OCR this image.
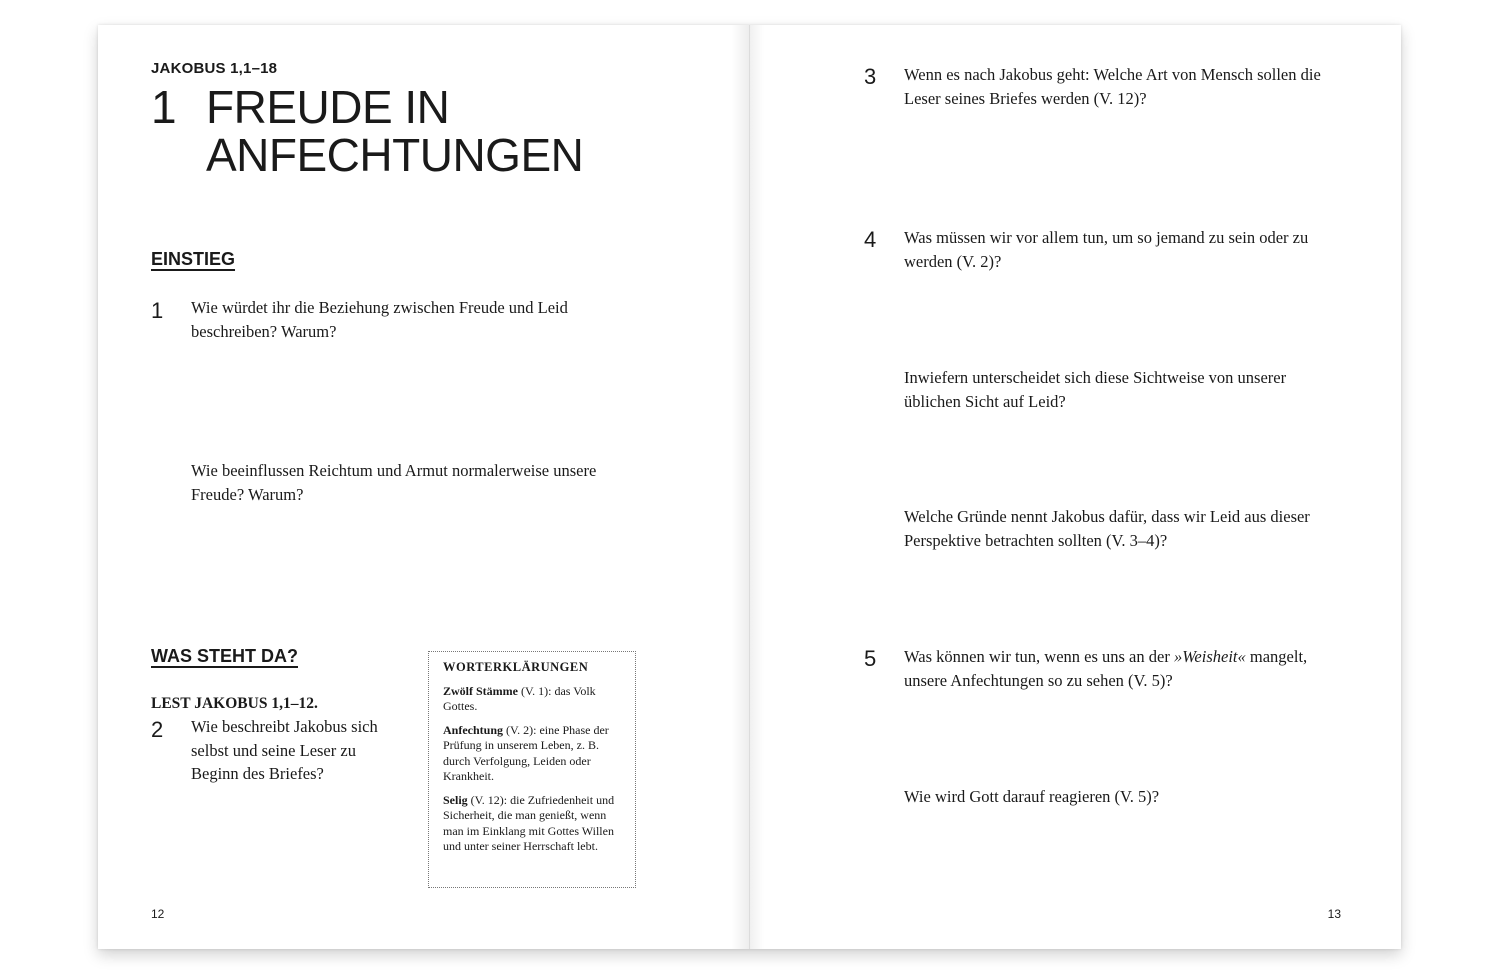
JAKOBUS 1,1–18
1 FREUDE IN
ANFECHTUNGEN
EINSTIEG
1 Wie würdet ihr die Beziehung zwischen Freude und Leid beschreiben? Warum?
Wie beeinflussen Reichtum und Armut normalerweise unsere Freude? Warum?
WAS STEHT DA?
LEST JAKOBUS 1,1–12.
2 Wie beschreibt Jakobus sich selbst und seine Leser zu Beginn des Briefes?
WORTERKLÄRUNGEN
Zwölf Stämme (V. 1): das Volk Gottes.
Anfechtung (V. 2): eine Phase der Prüfung in unserem Leben, z. B. durch Verfolgung, Leiden oder Krankheit.
Selig (V. 12): die Zufriedenheit und Sicherheit, die man genießt, wenn man im Einklang mit Gottes Willen und unter seiner Herrschaft lebt.
12
3 Wenn es nach Jakobus geht: Welche Art von Mensch sollen die Leser seines Briefes werden (V. 12)?
4 Was müssen wir vor allem tun, um so jemand zu sein oder zu werden (V. 2)?
Inwiefern unterscheidet sich diese Sichtweise von unserer üblichen Sicht auf Leid?
Welche Gründe nennt Jakobus dafür, dass wir Leid aus dieser Perspektive betrachten sollten (V. 3–4)?
5 Was können wir tun, wenn es uns an der »Weisheit« mangelt, unsere Anfechtungen so zu sehen (V. 5)?
Wie wird Gott darauf reagieren (V. 5)?
13
